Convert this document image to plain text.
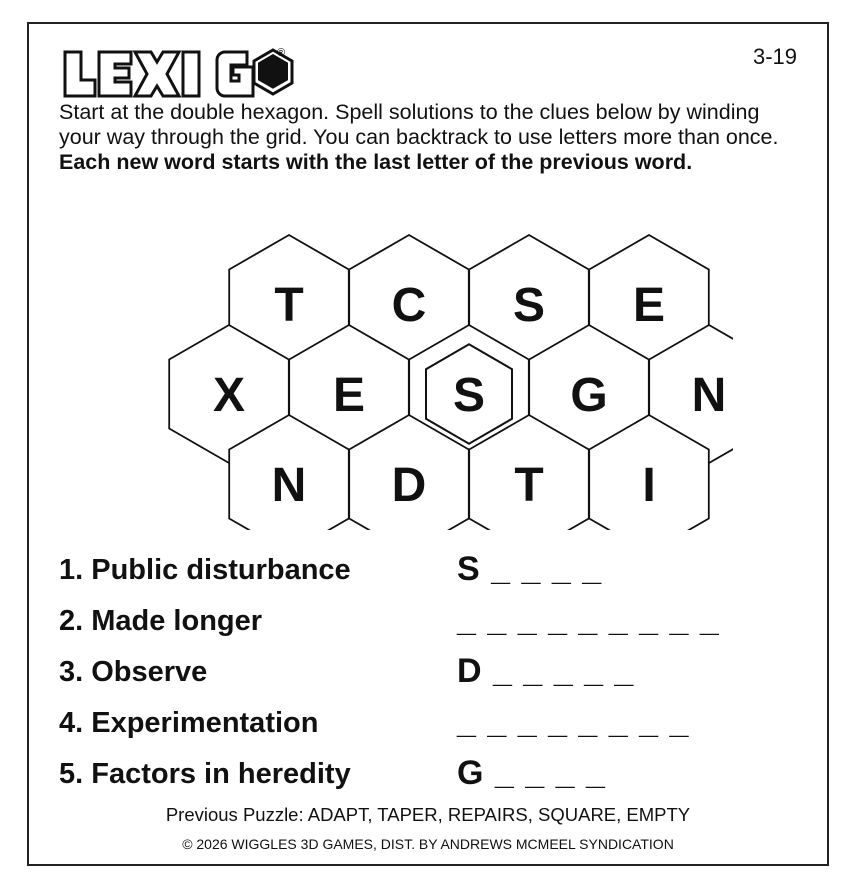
®	3-19
Start at the double hexagon. Spell solutions to the clues below by winding your way through the grid. You can backtrack to use letters more than once. Each new word starts with the last letter of the previous word.
T C S E
X E S G N
N D T I
1. Public disturbance	S _ _ _ _
2. Made longer	_ _ _ _ _ _ _ _ _
3. Observe	D _ _ _ _ _
4. Experimentation	_ _ _ _ _ _ _ _
5. Factors in heredity	G _ _ _ _
Previous Puzzle: ADAPT, TAPER, REPAIRS, SQUARE, EMPTY
© 2026 WIGGLES 3D GAMES, DIST. BY ANDREWS MCMEEL SYNDICATION
